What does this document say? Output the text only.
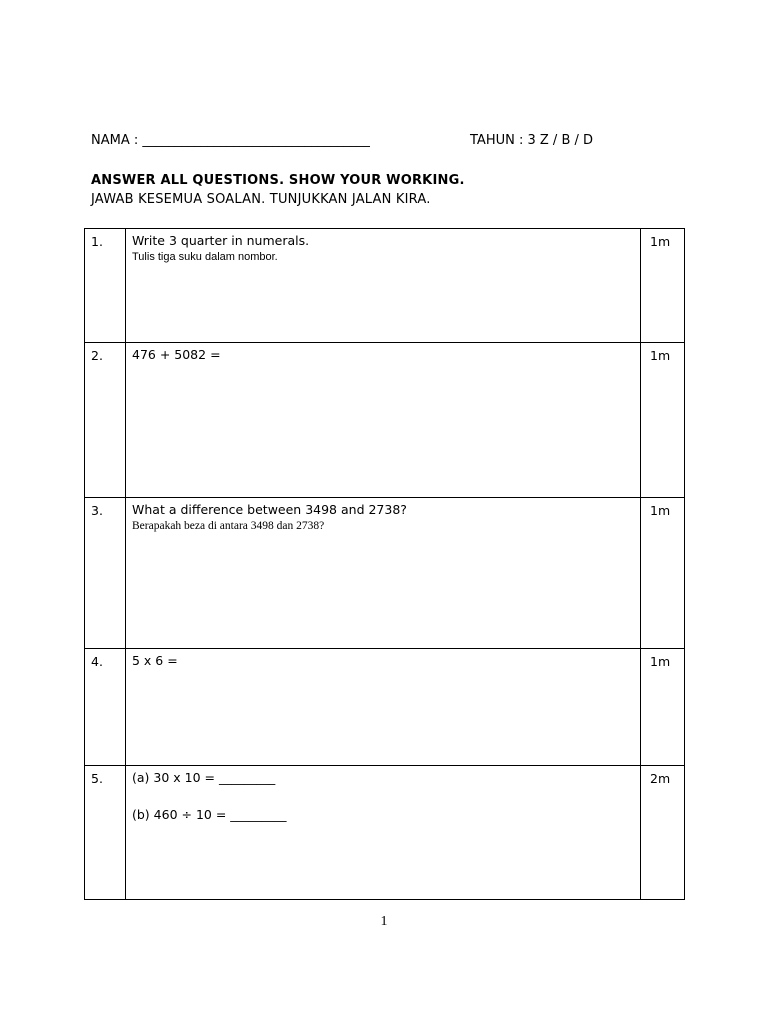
NAMA : ___________________________________	TAHUN : 3 Z / B / D
ANSWER ALL QUESTIONS. SHOW YOUR WORKING.
JAWAB KESEMUA SOALAN. TUNJUKKAN JALAN KIRA.
1.	Write 3 quarter in numerals.
Tulis tiga suku dalam nombor.	1m
2.	476 + 5082 =	1m
3.	What a difference between 3498 and 2738?
Berapakah beza di antara 3498 dan 2738?	1m
4.	5 x 6 =	1m
5.	(a) 30 x 10 = _________
(b) 460 ÷ 10 = _________	2m
1
